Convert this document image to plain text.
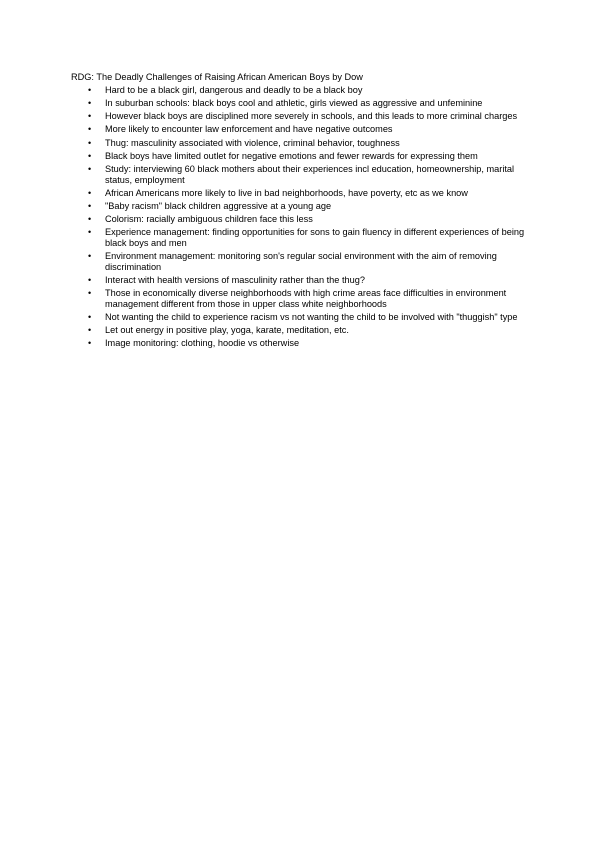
RDG: The Deadly Challenges of Raising African American Boys by Dow

• Hard to be a black girl, dangerous and deadly to be a black boy
• In suburban schools: black boys cool and athletic, girls viewed as aggressive and unfeminine
• However black boys are disciplined more severely in schools, and this leads to more criminal charges
• More likely to encounter law enforcement and have negative outcomes
• Thug: masculinity associated with violence, criminal behavior, toughness
• Black boys have limited outlet for negative emotions and fewer rewards for expressing them
• Study: interviewing 60 black mothers about their experiences incl education, homeownership, marital status, employment
• African Americans more likely to live in bad neighborhoods, have poverty, etc as we know
• "Baby racism" black children aggressive at a young age
• Colorism: racially ambiguous children face this less
• Experience management: finding opportunities for sons to gain fluency in different experiences of being black boys and men
• Environment management: monitoring son's regular social environment with the aim of removing discrimination
• Interact with health versions of masculinity rather than the thug?
• Those in economically diverse neighborhoods with high crime areas face difficulties in environment management different from those in upper class white neighborhoods
• Not wanting the child to experience racism vs not wanting the child to be involved with "thuggish" type
• Let out energy in positive play, yoga, karate, meditation, etc.
• Image monitoring: clothing, hoodie vs otherwise
